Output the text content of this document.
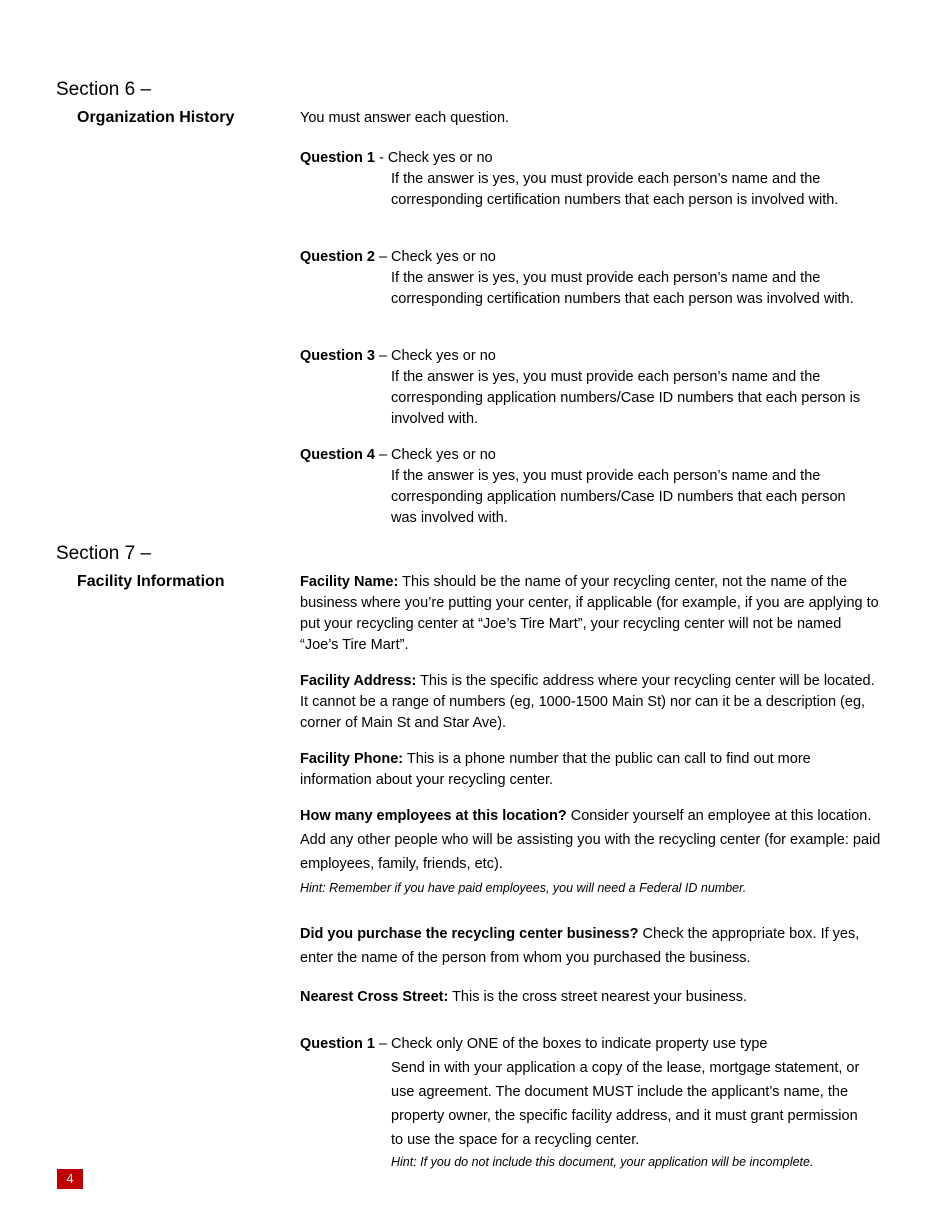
Section 6 –
Organization History	You must answer each question.
Question 1 - Check yes or no
If the answer is yes, you must provide each person’s name and the corresponding certification numbers that each person is involved with.
Question 2 – Check yes or no
If the answer is yes, you must provide each person’s name and the corresponding certification numbers that each person was involved with.
Question 3 – Check yes or no
If the answer is yes, you must provide each person’s name and the corresponding application numbers/Case ID numbers that each person is involved with.
Question 4 – Check yes or no
If the answer is yes, you must provide each person’s name and the corresponding application numbers/Case ID numbers that each person was involved with.
Section 7 –
Facility Information	Facility Name: This should be the name of your recycling center, not the name of the business where you’re putting your center, if applicable (for example, if you are applying to put your recycling center at “Joe’s Tire Mart”, your recycling center will not be named “Joe’s Tire Mart”.
Facility Address: This is the specific address where your recycling center will be located. It cannot be a range of numbers (eg, 1000-1500 Main St) nor can it be a description (eg, corner of Main St and Star Ave).
Facility Phone: This is a phone number that the public can call to find out more information about your recycling center.
How many employees at this location? Consider yourself an employee at this location. Add any other people who will be assisting you with the recycling center (for example: paid employees, family, friends, etc).
Hint: Remember if you have paid employees, you will need a Federal ID number.
Did you purchase the recycling center business? Check the appropriate box. If yes, enter the name of the person from whom you purchased the business.
Nearest Cross Street: This is the cross street nearest your business.
Question 1 – Check only ONE of the boxes to indicate property use type
Send in with your application a copy of the lease, mortgage statement, or use agreement. The document MUST include the applicant’s name, the property owner, the specific facility address, and it must grant permission to use the space for a recycling center.
Hint: If you do not include this document, your application will be incomplete.
4
